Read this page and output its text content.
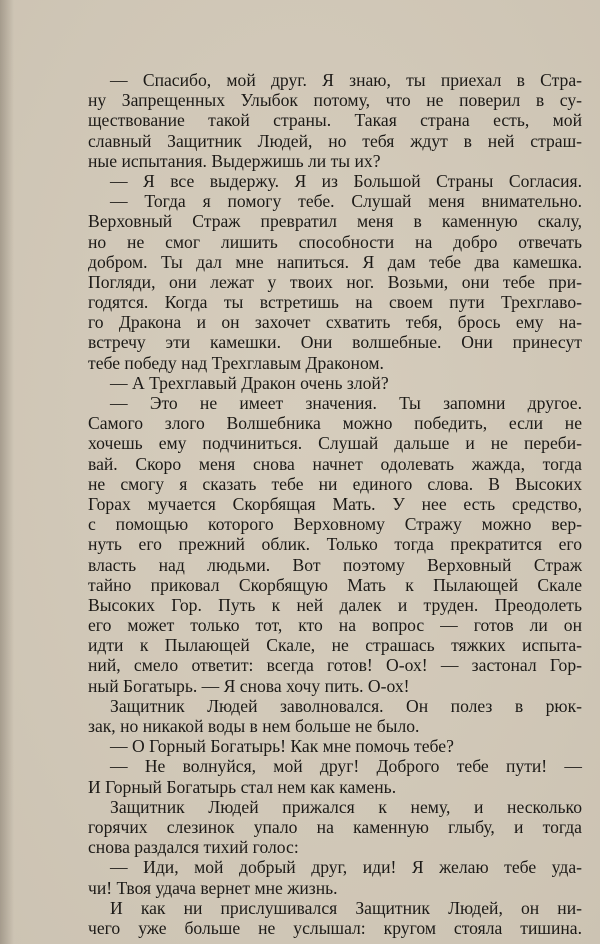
— Спасибо, мой друг. Я знаю, ты приехал в Стра-
ну Запрещенных Улыбок потому, что не поверил в су-
ществование такой страны. Такая страна есть, мой
славный Защитник Людей, но тебя ждут в ней страш-
ные испытания. Выдержишь ли ты их?
— Я все выдержу. Я из Большой Страны Согласия.
— Тогда я помогу тебе. Слушай меня внимательно.
Верховный Страж превратил меня в каменную скалу,
но не смог лишить способности на добро отвечать
добром. Ты дал мне напиться. Я дам тебе два камешка.
Погляди, они лежат у твоих ног. Возьми, они тебе при-
годятся. Когда ты встретишь на своем пути Трехглаво-
го Дракона и он захочет схватить тебя, брось ему на-
встречу эти камешки. Они волшебные. Они принесут
тебе победу над Трехглавым Драконом.
— А Трехглавый Дракон очень злой?
— Это не имеет значения. Ты запомни другое.
Самого злого Волшебника можно победить, если не
хочешь ему подчиниться. Слушай дальше и не переби-
вай. Скоро меня снова начнет одолевать жажда, тогда
не смогу я сказать тебе ни единого слова. В Высоких
Горах мучается Скорбящая Мать. У нее есть средство,
с помощью которого Верховному Стражу можно вер-
нуть его прежний облик. Только тогда прекратится его
власть над людьми. Вот поэтому Верховный Страж
тайно приковал Скорбящую Мать к Пылающей Скале
Высоких Гор. Путь к ней далек и труден. Преодолеть
его может только тот, кто на вопрос — готов ли он
идти к Пылающей Скале, не страшась тяжких испыта-
ний, смело ответит: всегда готов! О-ох! — застонал Гор-
ный Богатырь. — Я снова хочу пить. О-ох!
Защитник Людей заволновался. Он полез в рюк-
зак, но никакой воды в нем больше не было.
— О Горный Богатырь! Как мне помочь тебе?
— Не волнуйся, мой друг! Доброго тебе пути! —
И Горный Богатырь стал нем как камень.
Защитник Людей прижался к нему, и несколько
горячих слезинок упало на каменную глыбу, и тогда
снова раздался тихий голос:
— Иди, мой добрый друг, иди! Я желаю тебе уда-
чи! Твоя удача вернет мне жизнь.
И как ни прислушивался Защитник Людей, он ни-
чего уже больше не услышал: кругом стояла тишина.
